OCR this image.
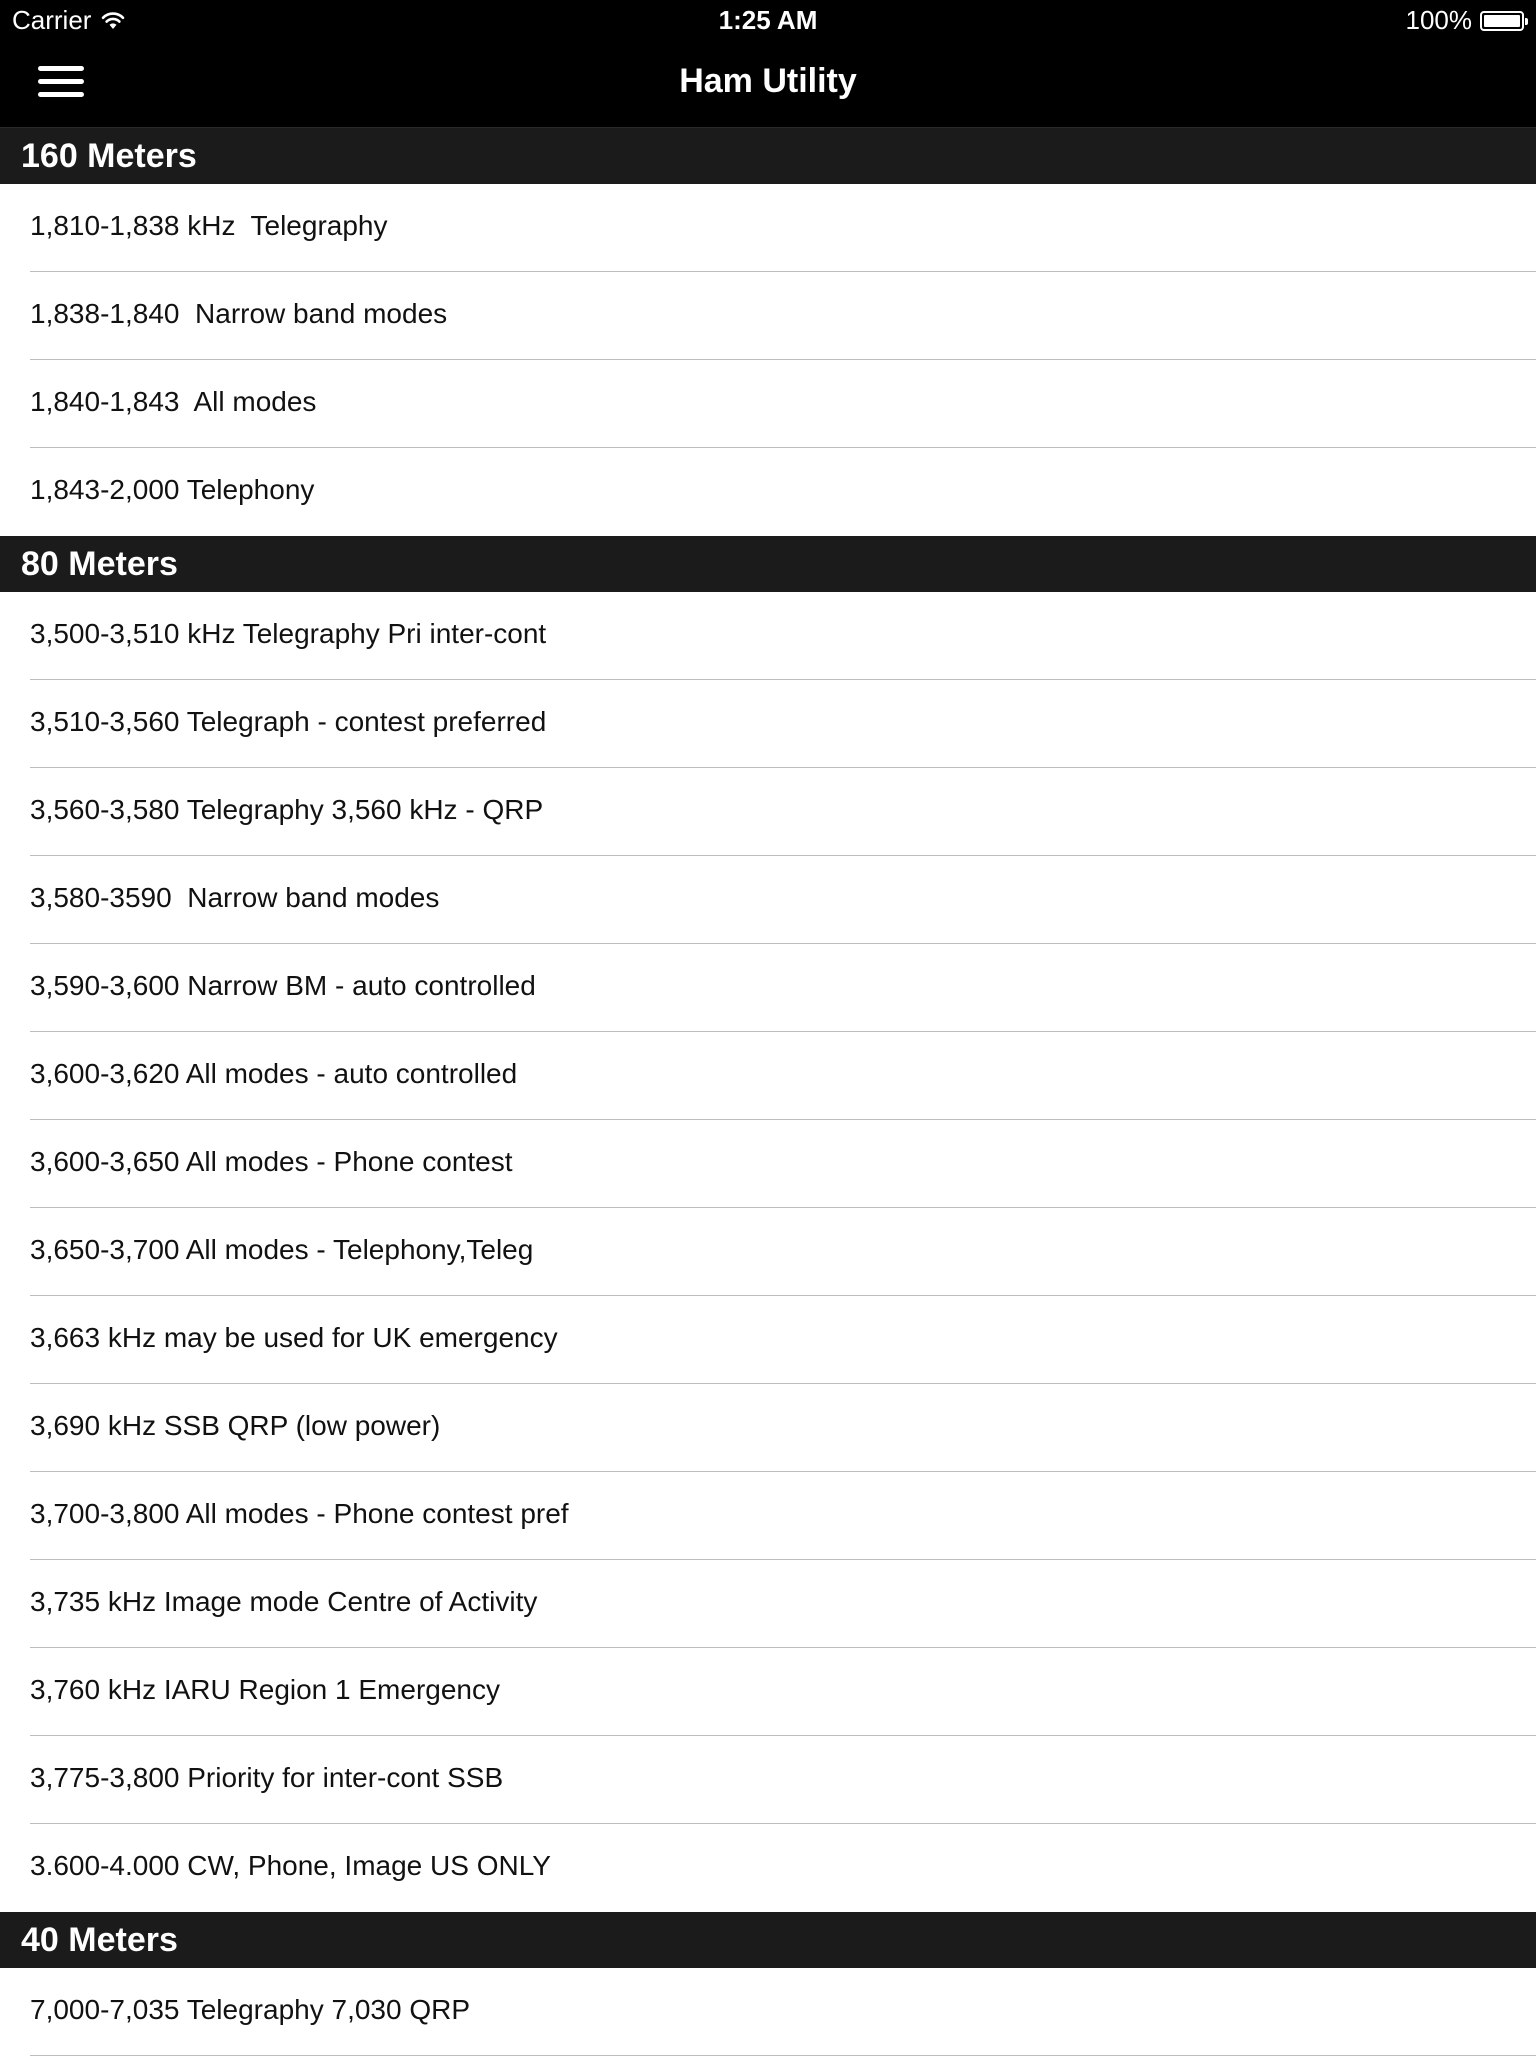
Carrier	1:25 AM	100%
Ham Utility
160 Meters
1,810-1,838 kHz  Telegraphy
1,838-1,840  Narrow band modes
1,840-1,843  All modes
1,843-2,000 Telephony
80 Meters
3,500-3,510 kHz Telegraphy Pri inter-cont
3,510-3,560 Telegraph - contest preferred
3,560-3,580 Telegraphy 3,560 kHz - QRP
3,580-3590  Narrow band modes
3,590-3,600 Narrow BM - auto controlled
3,600-3,620 All modes - auto controlled
3,600-3,650 All modes - Phone contest
3,650-3,700 All modes - Telephony,Teleg
3,663 kHz may be used for UK emergency
3,690 kHz SSB QRP (low power)
3,700-3,800 All modes - Phone contest pref
3,735 kHz Image mode Centre of Activity
3,760 kHz IARU Region 1 Emergency
3,775-3,800 Priority for inter-cont SSB
3.600-4.000 CW, Phone, Image US ONLY
40 Meters
7,000-7,035 Telegraphy 7,030 QRP
